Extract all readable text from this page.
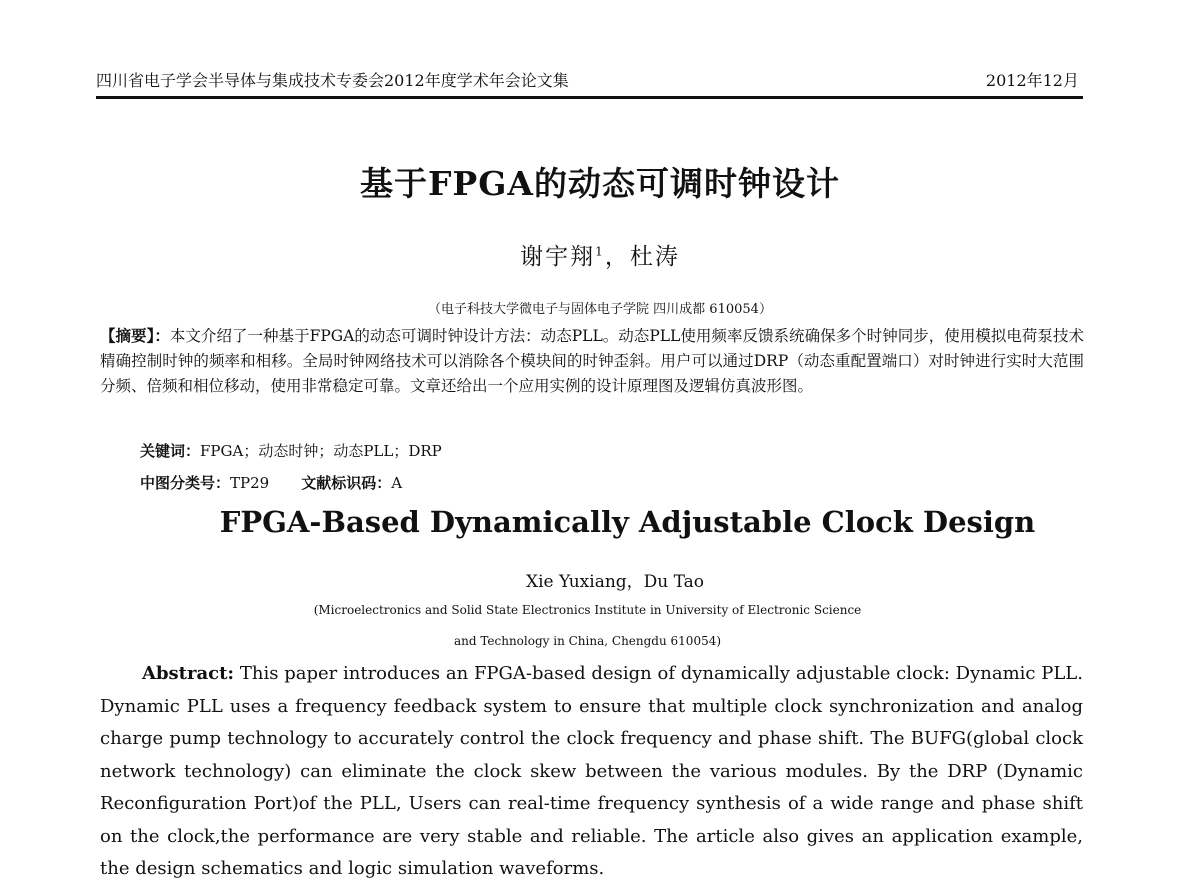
四川省电子学会半导体与集成技术专委会2012年度学术年会论文集	2012年12月
基于FPGA的动态可调时钟设计
谢宇翔$^1$，杜涛
（电子科技大学微电子与固体电子学院 四川成都 610054）
【摘要】：本文介绍了一种基于FPGA的动态可调时钟设计方法：动态PLL。动态PLL使用频率反馈系统确保多个时钟同步，使用模拟电荷泵技术精确控制时钟的频率和相移。全局时钟网络技术可以消除各个模块间的时钟歪斜。用户可以通过DRP（动态重配置端口）对时钟进行实时大范围分频、倍频和相位移动，使用非常稳定可靠。文章还给出一个应用实例的设计原理图及逻辑仿真波形图。
关键词：FPGA；动态时钟；动态PLL；DRP
中图分类号：TP29 文献标识码：A
FPGA-Based Dynamically Adjustable Clock Design
Xie Yuxiang，Du Tao
(Microelectronics and Solid State Electronics Institute in University of Electronic Science
and Technology in China, Chengdu 610054)
Abstract: This paper introduces an FPGA-based design of dynamically adjustable clock: Dynamic PLL. Dynamic PLL uses a frequency feedback system to ensure that multiple clock synchronization and analog charge pump technology to accurately control the clock frequency and phase shift. The BUFG(global clock network technology) can eliminate the clock skew between the various modules. By the DRP (Dynamic Reconfiguration Port)of the PLL, Users can real-time frequency synthesis of a wide range and phase shift on the clock,the performance are very stable and reliable. The article also gives an application example, the design schematics and logic simulation waveforms.
